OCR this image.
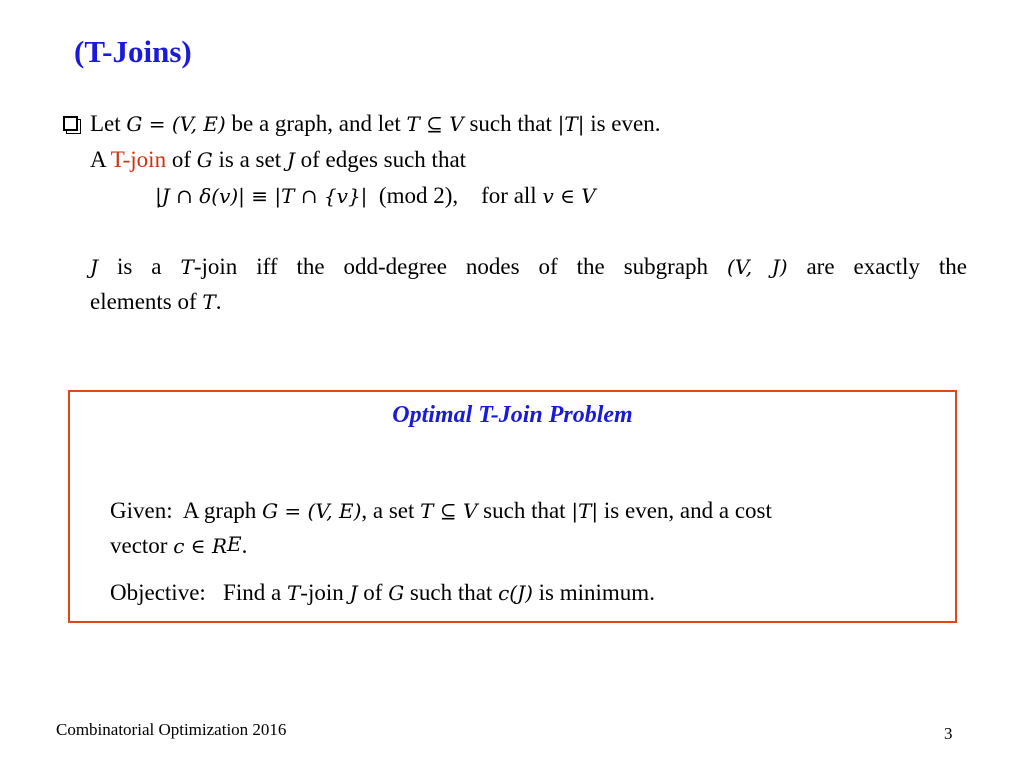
(T-Joins)
Let G = (V, E) be a graph, and let T ⊆ V such that |T| is even.
A T-join of G is a set J of edges such that
|J ∩ δ(v)| ≡ |T ∩ {v}|  (mod 2),    for all v ∈ V
J is a T-join iff the odd-degree nodes of the subgraph (V, J) are exactly the
elements of T.
Optimal T-Join Problem
Given:  A graph G = (V, E), a set T ⊆ V such that |T| is even, and a cost
vector c ∈ $R^E$.
Objective:   Find a T-join J of G such that c(J) is minimum.
Combinatorial Optimization 2016	3
